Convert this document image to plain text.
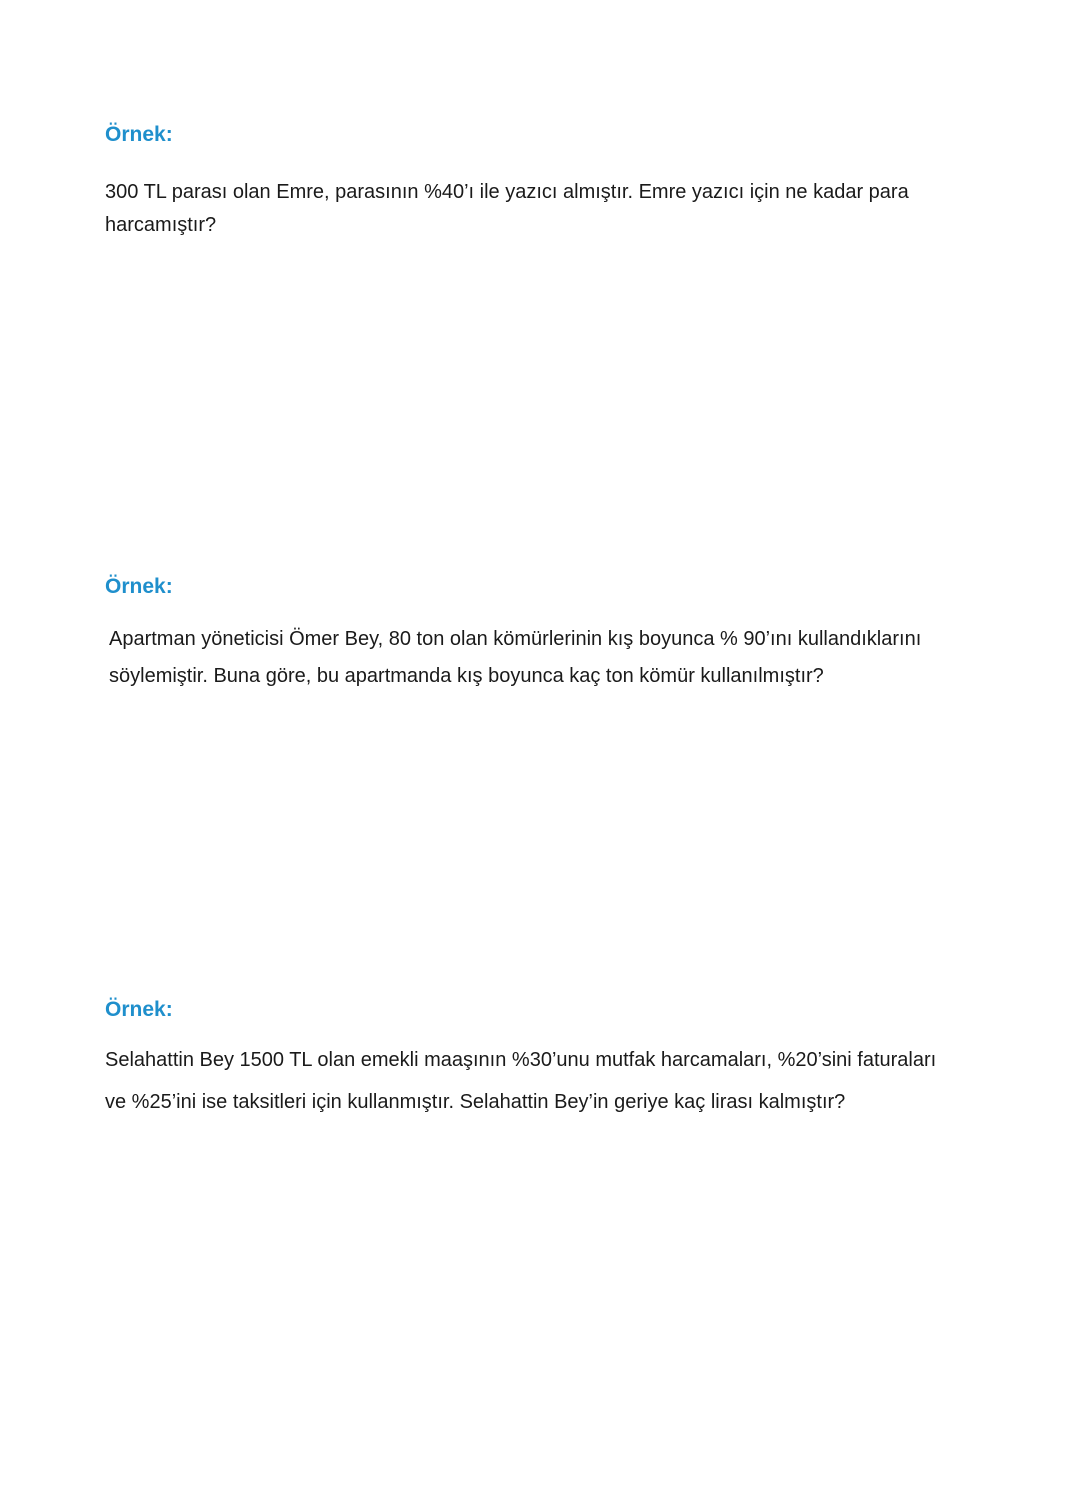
Örnek:

300 TL parası olan Emre, parasının %40’ı ile yazıcı almıştır. Emre yazıcı için ne kadar para
harcamıştır?

Örnek:

Apartman yöneticisi Ömer Bey, 80 ton olan kömürlerinin kış boyunca % 90’ını kullandıklarını
söylemiştir. Buna göre, bu apartmanda kış boyunca kaç ton kömür kullanılmıştır?

Örnek:

Selahattin Bey 1500 TL olan emekli maaşının %30’unu mutfak harcamaları, %20’sini faturaları
ve %25’ini ise taksitleri için kullanmıştır. Selahattin Bey’in geriye kaç lirası kalmıştır?
